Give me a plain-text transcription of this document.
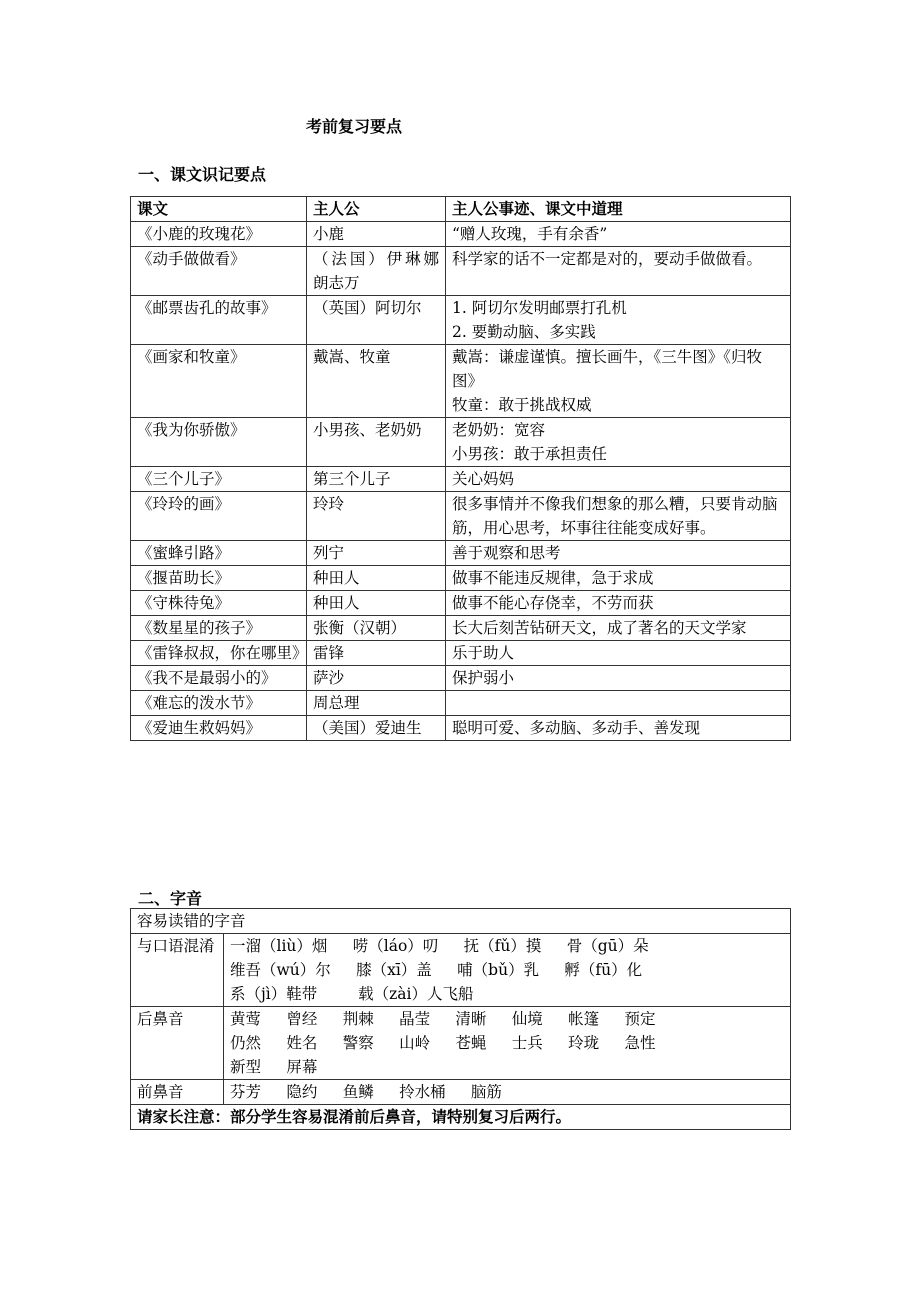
考前复习要点
一、课文识记要点
课文	主人公	主人公事迹、课文中道理
《小鹿的玫瑰花》	小鹿	“赠人玫瑰，手有余香”

《动手做做看》	（法国）伊琳娜　朗志万	科学家的话不一定都是对的，要动手做做看。

《邮票齿孔的故事》	（英国）阿切尔	1. 阿切尔发明邮票打孔机
2. 要勤动脑、多实践

《画家和牧童》	戴嵩、牧童	戴嵩：谦虚谨慎。擅长画牛，《三牛图》《归牧图》
牧童：敢于挑战权威

《我为你骄傲》	小男孩、老奶奶	老奶奶：宽容
小男孩：敢于承担责任

《三个儿子》	第三个儿子	关心妈妈

《玲玲的画》	玲玲	很多事情并不像我们想象的那么糟，只要肯动脑筋，用心思考，坏事往往能变成好事。

《蜜蜂引路》	列宁	善于观察和思考

《揠苗助长》	种田人	做事不能违反规律，急于求成

《守株待兔》	种田人	做事不能心存侥幸，不劳而获

《数星星的孩子》	张衡（汉朝）	长大后刻苦钻研天文，成了著名的天文学家

《雷锋叔叔，你在哪里》	雷锋	乐于助人

《我不是最弱小的》	萨沙	保护弱小

《难忘的泼水节》	周总理	

《爱迪生救妈妈》	（美国）爱迪生	聪明可爱、多动脑、多动手、善发现
二、字音
容易读错的字音	
与口语混淆	一溜（liù）烟　  唠（láo）叨　  抚（fǔ）摸　  骨（gū）朵
维吾（wú）尔　  膝（xī）盖　  哺（bǔ）乳　  孵（fū）化
系（jì）鞋带　　  载（zài）人飞船

后鼻音	黄莺　  曾经　  荆棘　  晶莹　  清晰　  仙境　  帐篷　  预定
仍然　  姓名　  警察　  山岭　  苍蝇　  士兵　  玲珑　  急性
新型　  屏幕

前鼻音	芬芳　  隐约　  鱼鳞　  拎水桶　  脑筋

请家长注意：部分学生容易混淆前后鼻音，请特别复习后两行。	
